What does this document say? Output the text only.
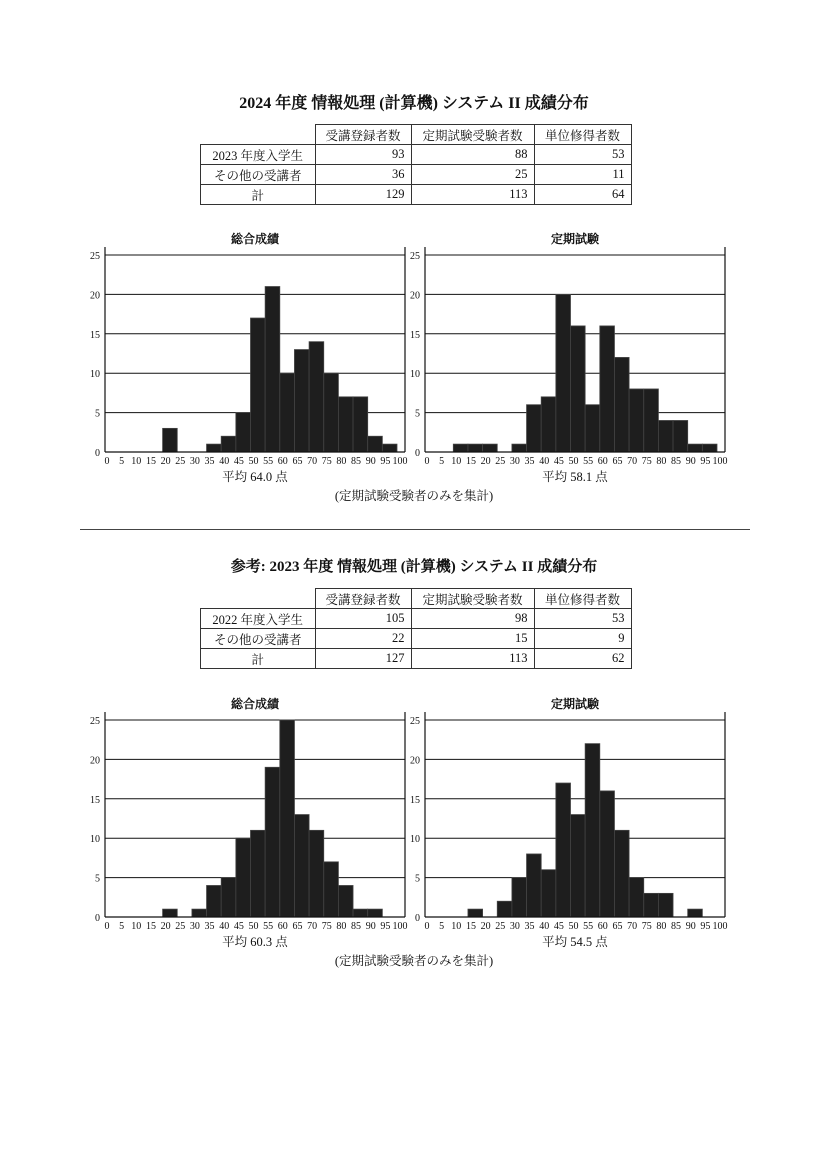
2024 年度 情報処理 (計算機) システム II 成績分布
	受講登録者数	定期試験受験者数	単位修得者数
2023 年度入学生	93	88	53
その他の受講者	36	25	11
計	129	113	64
総合成績	定期試験
0
5
10
15
20
25
0 5 10 15 20 25 30 35 40 45 50 55 60 65 70 75 80 85 90 95 100
0
5
10
15
20
25
0 5 10 15 20 25 30 35 40 45 50 55 60 65 70 75 80 85 90 95 100
平均 64.0 点	平均 58.1 点
(定期試験受験者のみを集計)
参考: 2023 年度 情報処理 (計算機) システム II 成績分布
	受講登録者数	定期試験受験者数	単位修得者数
2022 年度入学生	105	98	53
その他の受講者	22	15	9
計	127	113	62
総合成績	定期試験
0
5
10
15
20
25
0 5 10 15 20 25 30 35 40 45 50 55 60 65 70 75 80 85 90 95 100
0
5
10
15
20
25
0 5 10 15 20 25 30 35 40 45 50 55 60 65 70 75 80 85 90 95 100
平均 60.3 点	平均 54.5 点
(定期試験受験者のみを集計)
